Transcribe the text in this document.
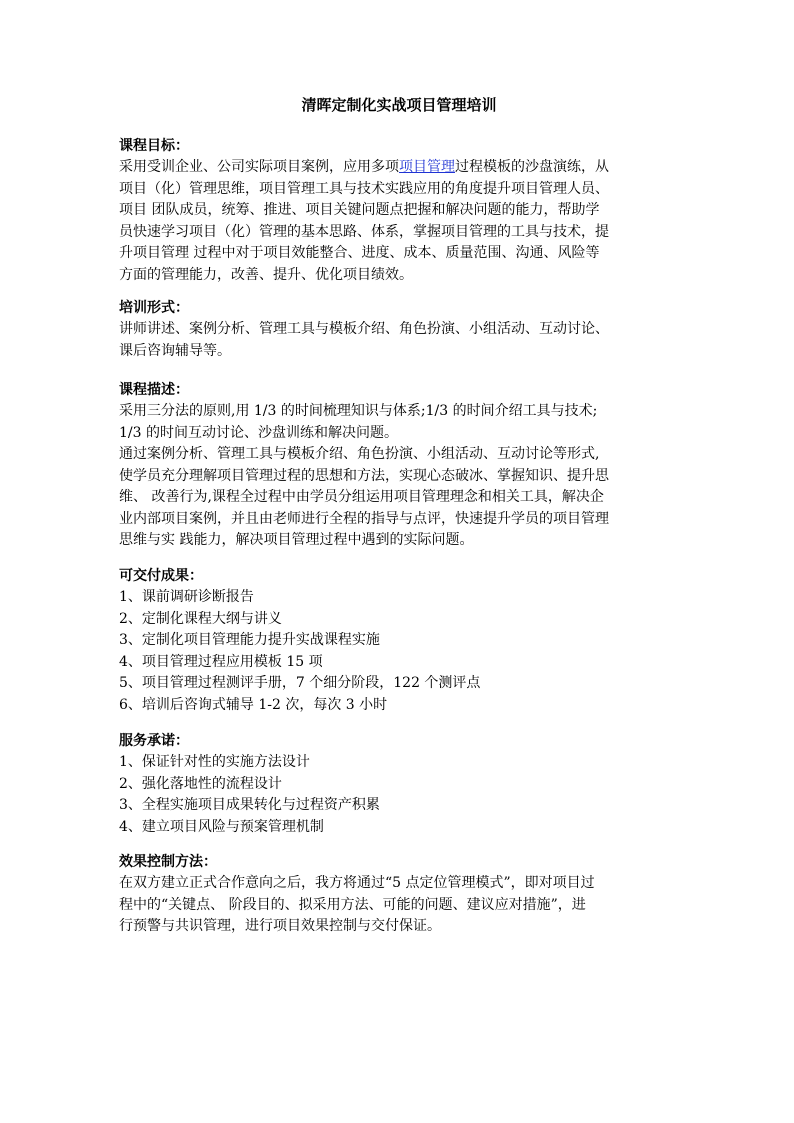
清晖定制化实战项目管理培训
课程目标：
采用受训企业、公司实际项目案例，应用多项项目管理过程模板的沙盘演练，从
项目（化）管理思维，项目管理工具与技术实践应用的角度提升项目管理人员、
项目 团队成员，统筹、推进、项目关键问题点把握和解决问题的能力，帮助学
员快速学习项目（化）管理的基本思路、体系，掌握项目管理的工具与技术，提
升项目管理 过程中对于项目效能整合、进度、成本、质量范围、沟通、风险等
方面的管理能力，改善、提升、优化项目绩效。
培训形式：
讲师讲述、案例分析、管理工具与模板介绍、角色扮演、小组活动、互动讨论、
课后咨询辅导等。
课程描述：
采用三分法的原则,用 1/3 的时间梳理知识与体系;1/3 的时间介绍工具与技术;
1/3 的时间互动讨论、沙盘训练和解决问题。
通过案例分析、管理工具与模板介绍、角色扮演、小组活动、互动讨论等形式,
使学员充分理解项目管理过程的思想和方法，实现心态破冰、掌握知识、提升思
维、 改善行为,课程全过程中由学员分组运用项目管理理念和相关工具，解决企
业内部项目案例，并且由老师进行全程的指导与点评，快速提升学员的项目管理
思维与实 践能力，解决项目管理过程中遇到的实际问题。
可交付成果：
1、课前调研诊断报告
2、定制化课程大纲与讲义
3、定制化项目管理能力提升实战课程实施
4、项目管理过程应用模板 15 项
5、项目管理过程测评手册，7 个细分阶段，122 个测评点
6、培训后咨询式辅导 1-2 次，每次 3 小时
服务承诺：
1、保证针对性的实施方法设计
2、强化落地性的流程设计
3、全程实施项目成果转化与过程资产积累
4、建立项目风险与预案管理机制
效果控制方法：
在双方建立正式合作意向之后，我方将通过“5 点定位管理模式”，即对项目过
程中的“关键点、 阶段目的、拟采用方法、可能的问题、建议应对措施”，进
行预警与共识管理，进行项目效果控制与交付保证。
